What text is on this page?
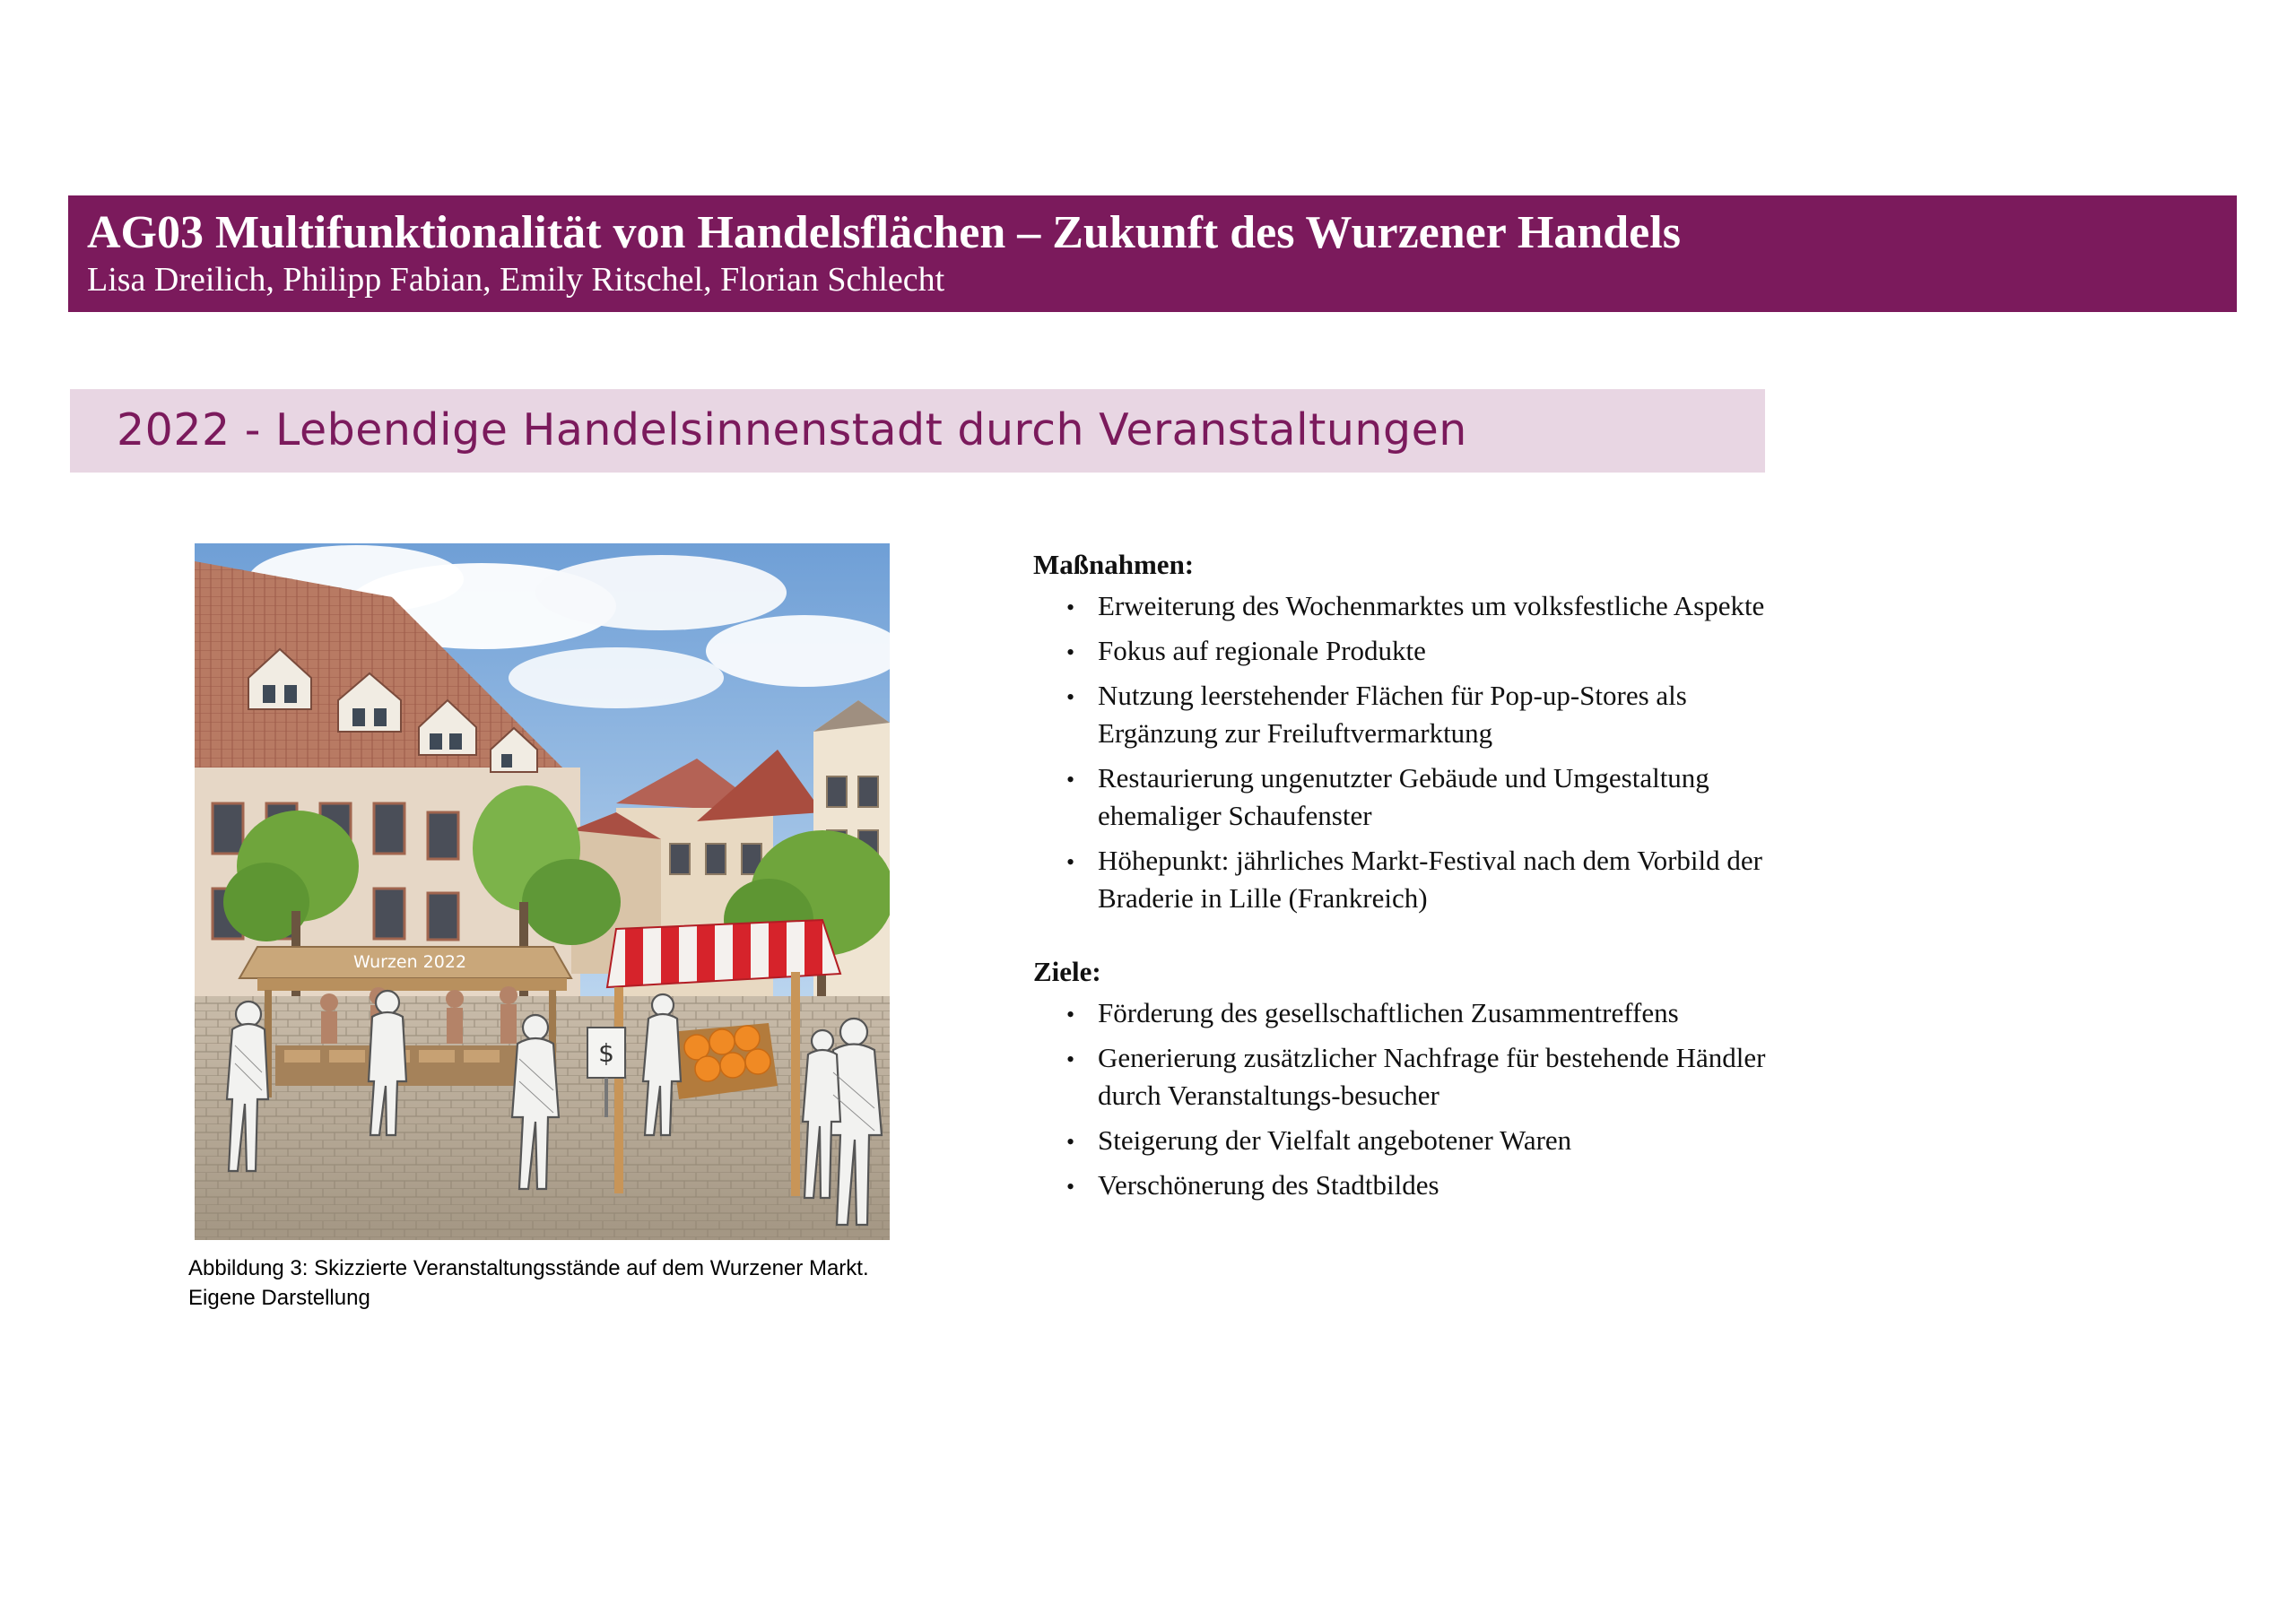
AG03 Multifunktionalität von Handelsflächen – Zukunft des Wurzener Handels
Lisa Dreilich, Philipp Fabian, Emily Ritschel, Florian Schlecht
2022 - Lebendige Handelsinnenstadt durch Veranstaltungen
Wurzen 2022
$
Abbildung 3: Skizzierte Veranstaltungsstände auf dem Wurzener Markt.
Eigene Darstellung

Maßnahmen:

• Erweiterung des Wochenmarktes um volksfestliche Aspekte
• Fokus auf regionale Produkte
• Nutzung leerstehender Flächen für Pop-up-Stores als Ergänzung zur Freiluftvermarktung
• Restaurierung ungenutzter Gebäude und Umgestaltung ehemaliger Schaufenster
• Höhepunkt: jährliches Markt-Festival nach dem Vorbild der Braderie in Lille (Frankreich)

Ziele:

• Förderung des gesellschaftlichen Zusammentreffens
• Generierung zusätzlicher Nachfrage für bestehende Händler durch Veranstaltungs-besucher
• Steigerung der Vielfalt angebotener Waren
• Verschönerung des Stadtbildes
